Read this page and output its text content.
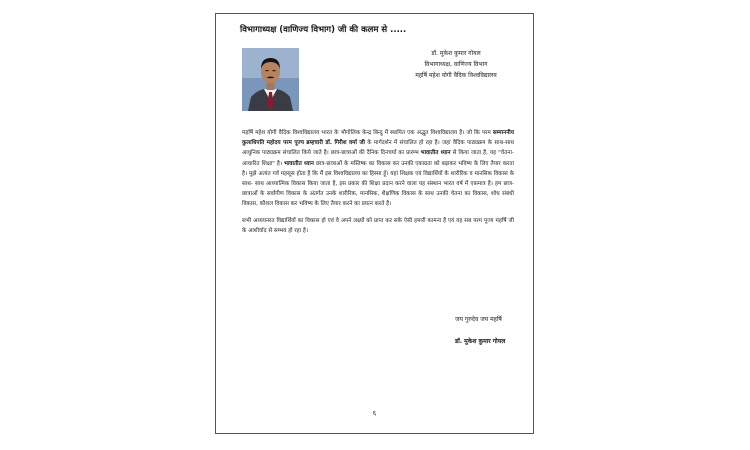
विभागाध्यक्ष (वाणिज्य विभाग) जी की कलम से .....
डॉ. मुकेश कुमार गोयल
विभागाध्यक्ष, वाणिज्य विभाग
महर्षि महेश योगी वैदिक विश्वविद्यालय

महर्षि महेश योगी वैदिक विश्वविद्यालय भारत के भौगोलिक केन्द्र बिन्दु में स्थापित एक अद्भुत विश्वविद्यालय है। जो कि परम सम्माननीय कुलाधिपति महोदय परम पूज्य ब्रम्हचारी डॉ. गिरीश वर्मा जी के मार्गदर्शन में संचालित हो रहा है। जहां वैदिक पाठ्यक्रम के साथ-साथ आधुनिक पाठ्यक्रम संचालित किये जाते है। छात्र-छात्राओं की दैनिक दिनचर्या का प्रारम्भ भावातीत ध्यान से किया जाता है, यह "चेतना-आधारित शिक्षा" है। भावातीत ध्यान छात्र-छात्राओं के मस्तिष्क का विकास कर उनकी एकाग्रता को बढ़ाकर भविष्य के लिए तैयार करता है। मुझे अत्यंत गर्व महसूस होता है कि मैं इस विश्वविद्यालय का हिस्सा हूँ। यहां शिक्षक एवं विद्यार्थियों के शारीरिक व मानसिक विकास के साथ- साथ आध्यात्मिक विकास किया जाता है, इस प्रकार की शिक्षा प्रदान करने वाला यह संस्थान भारत वर्ष में एकमात्र है। हम छात्र-छात्राओं के सर्वांगीण विकास के अंतर्गत उनके शारीरिक, मानसिक, शैक्षणिक विकास के साथ उनकी चेतना का विकास, शोध संबंधी विकास, कौशल विकास कर भविष्य के लिए तैयार करने का प्रयत्न करते है।

सभी अध्ययनरत विद्यार्थियों का विकास हो एवं वे अपने लक्ष्यों को प्राप्त कर सके ऐसी हमारी कामना है एवं यह सब परम पूज्य महर्षि जी के आशीर्वाद से सम्भव हो रहा है।

जय गुरुदेव जय महर्षि
डॉ. मुकेश कुमार गोयल
६
